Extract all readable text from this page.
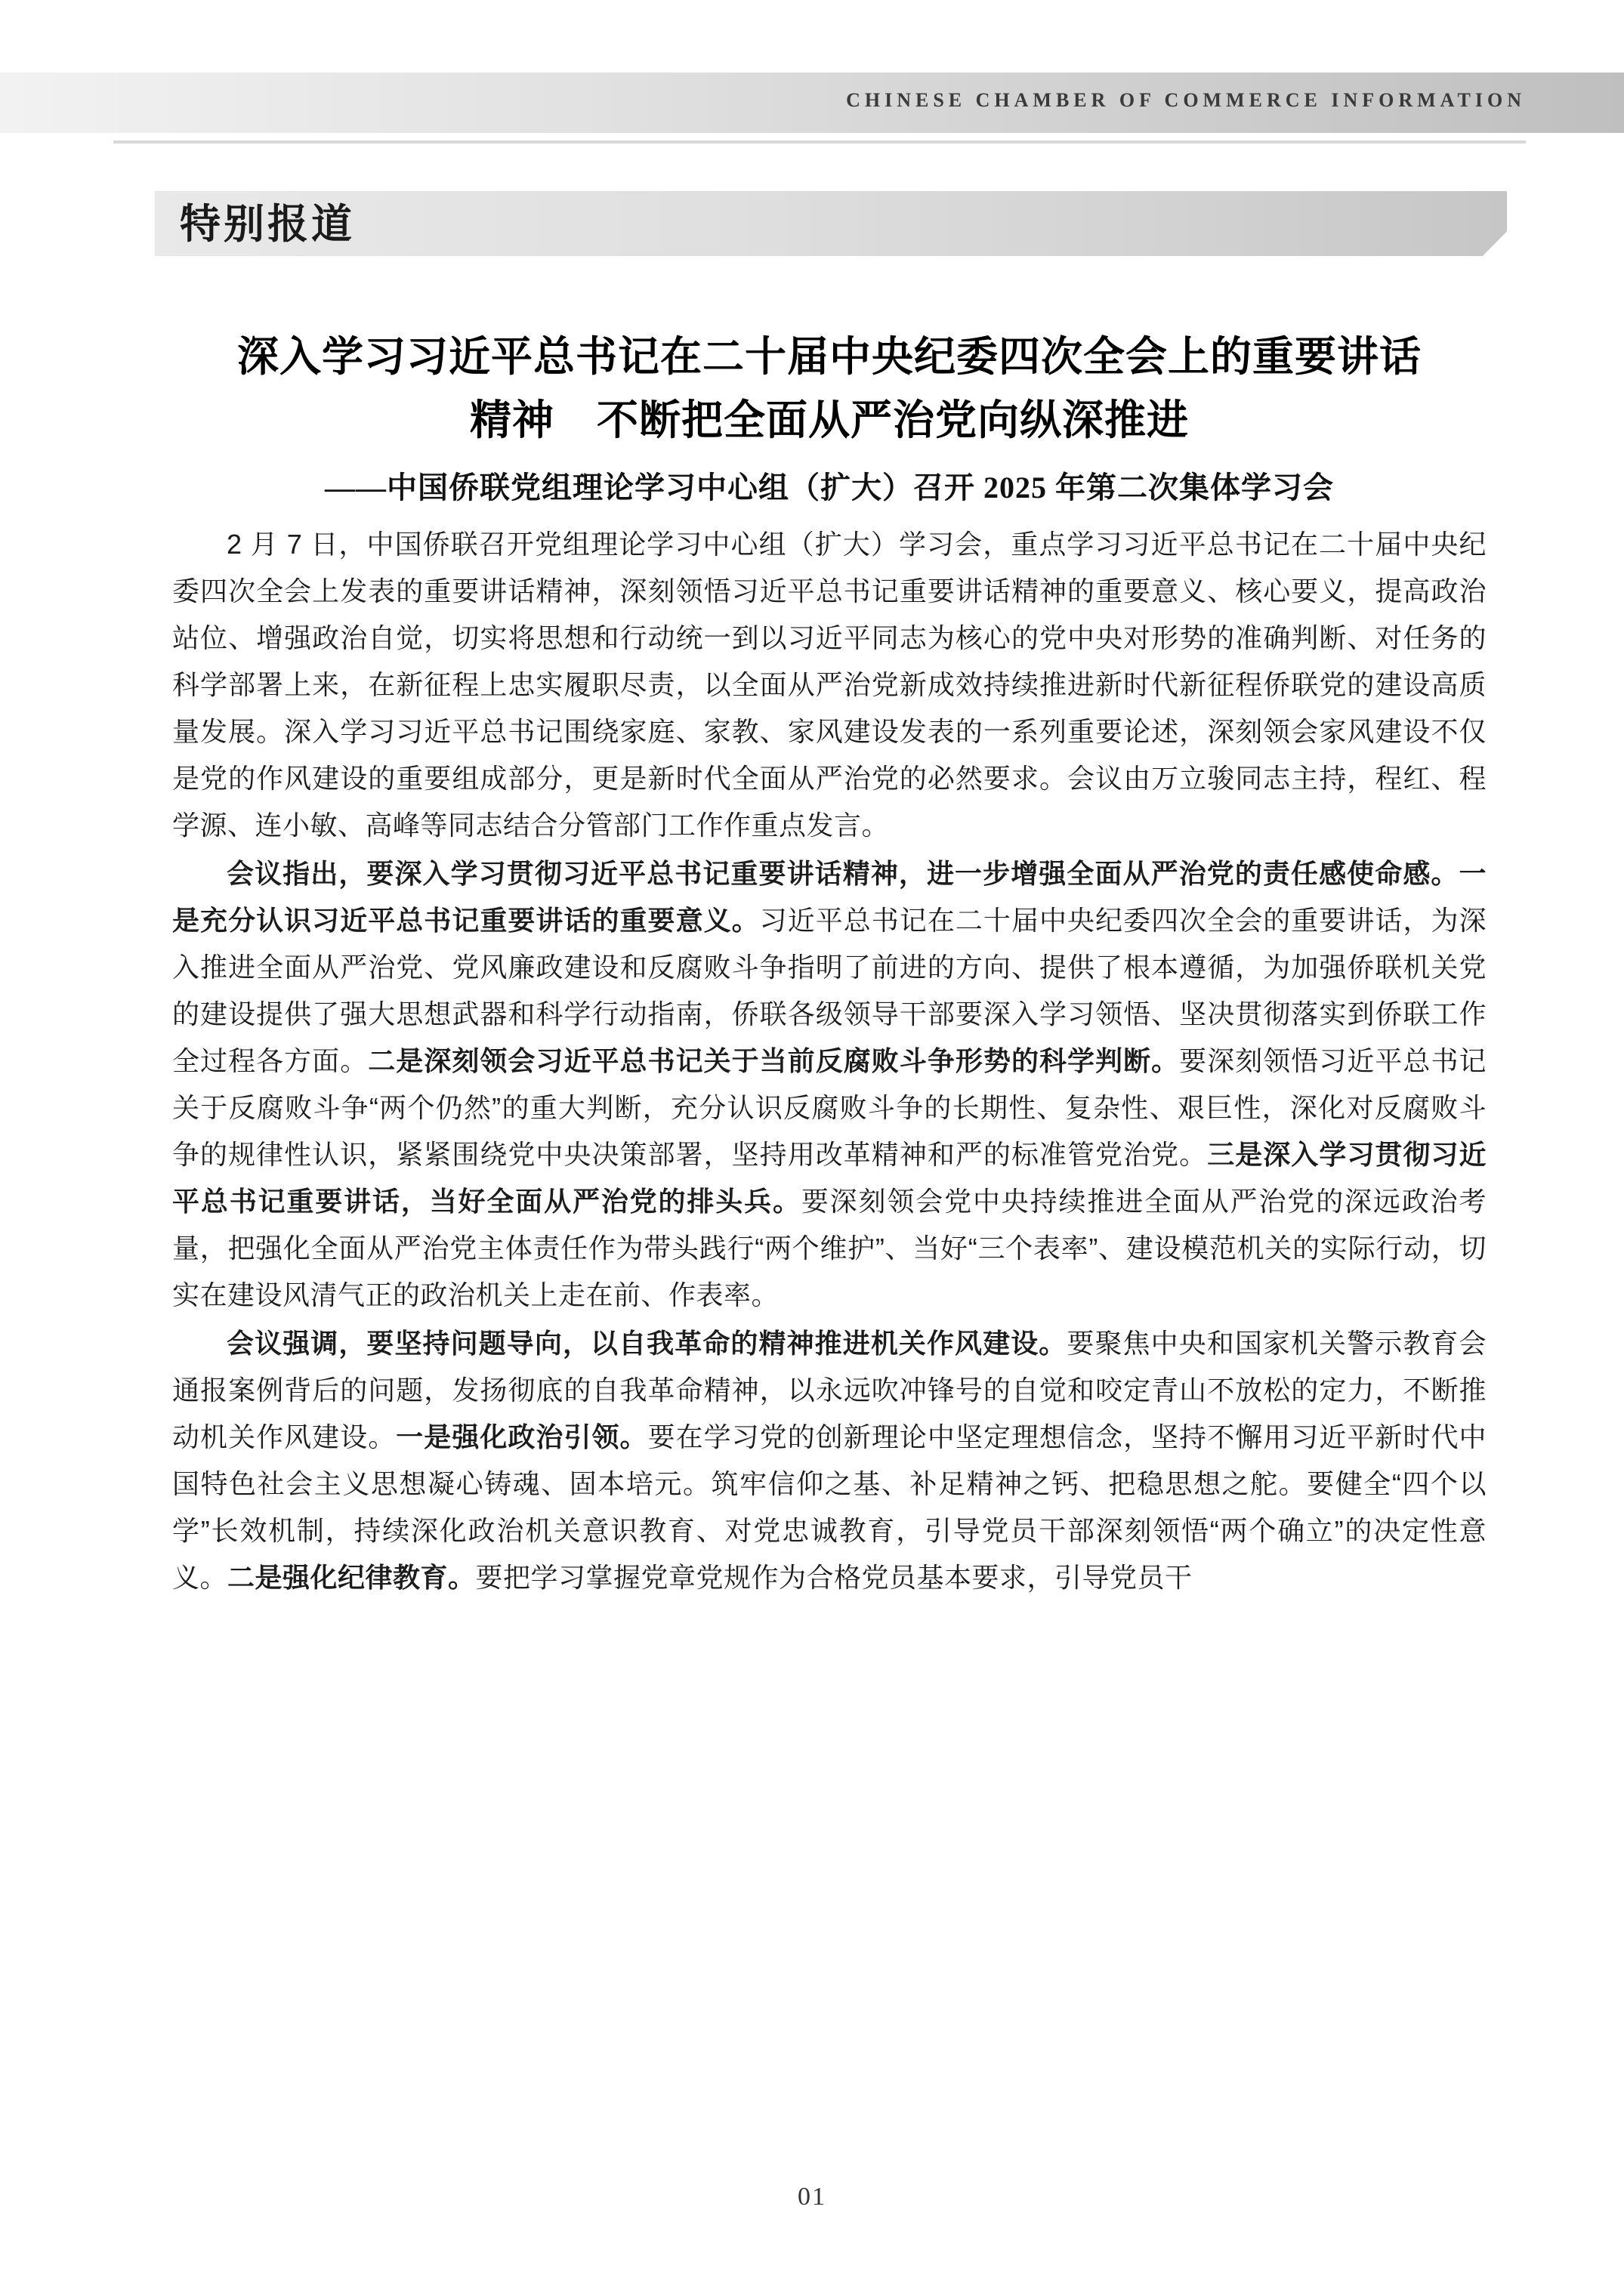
CHINESE CHAMBER OF COMMERCE INFORMATION
特别报道
深入学习习近平总书记在二十届中央纪委四次全会上的重要讲话
精神　不断把全面从严治党向纵深推进
——中国侨联党组理论学习中心组（扩大）召开 2025 年第二次集体学习会

2 月 7 日，中国侨联召开党组理论学习中心组（扩大）学习会，重点学习习近平总书记在二十届中央纪委四次全会上发表的重要讲话精神，深刻领悟习近平总书记重要讲话精神的重要意义、核心要义，提高政治站位、增强政治自觉，切实将思想和行动统一到以习近平同志为核心的党中央对形势的准确判断、对任务的科学部署上来，在新征程上忠实履职尽责，以全面从严治党新成效持续推进新时代新征程侨联党的建设高质量发展。深入学习习近平总书记围绕家庭、家教、家风建设发表的一系列重要论述，深刻领会家风建设不仅是党的作风建设的重要组成部分，更是新时代全面从严治党的必然要求。会议由万立骏同志主持，程红、程学源、连小敏、高峰等同志结合分管部门工作作重点发言。

会议指出，要深入学习贯彻习近平总书记重要讲话精神，进一步增强全面从严治党的责任感使命感。一是充分认识习近平总书记重要讲话的重要意义。习近平总书记在二十届中央纪委四次全会的重要讲话，为深入推进全面从严治党、党风廉政建设和反腐败斗争指明了前进的方向、提供了根本遵循，为加强侨联机关党的建设提供了强大思想武器和科学行动指南，侨联各级领导干部要深入学习领悟、坚决贯彻落实到侨联工作全过程各方面。二是深刻领会习近平总书记关于当前反腐败斗争形势的科学判断。要深刻领悟习近平总书记关于反腐败斗争“两个仍然”的重大判断，充分认识反腐败斗争的长期性、复杂性、艰巨性，深化对反腐败斗争的规律性认识，紧紧围绕党中央决策部署，坚持用改革精神和严的标准管党治党。三是深入学习贯彻习近平总书记重要讲话，当好全面从严治党的排头兵。要深刻领会党中央持续推进全面从严治党的深远政治考量，把强化全面从严治党主体责任作为带头践行“两个维护”、当好“三个表率”、建设模范机关的实际行动，切实在建设风清气正的政治机关上走在前、作表率。

会议强调，要坚持问题导向，以自我革命的精神推进机关作风建设。要聚焦中央和国家机关警示教育会通报案例背后的问题，发扬彻底的自我革命精神，以永远吹冲锋号的自觉和咬定青山不放松的定力，不断推动机关作风建设。一是强化政治引领。要在学习党的创新理论中坚定理想信念，坚持不懈用习近平新时代中国特色社会主义思想凝心铸魂、固本培元。筑牢信仰之基、补足精神之钙、把稳思想之舵。要健全“四个以学”长效机制，持续深化政治机关意识教育、对党忠诚教育，引导党员干部深刻领悟“两个确立”的决定性意义。二是强化纪律教育。要把学习掌握党章党规作为合格党员基本要求，引导党员干

01
